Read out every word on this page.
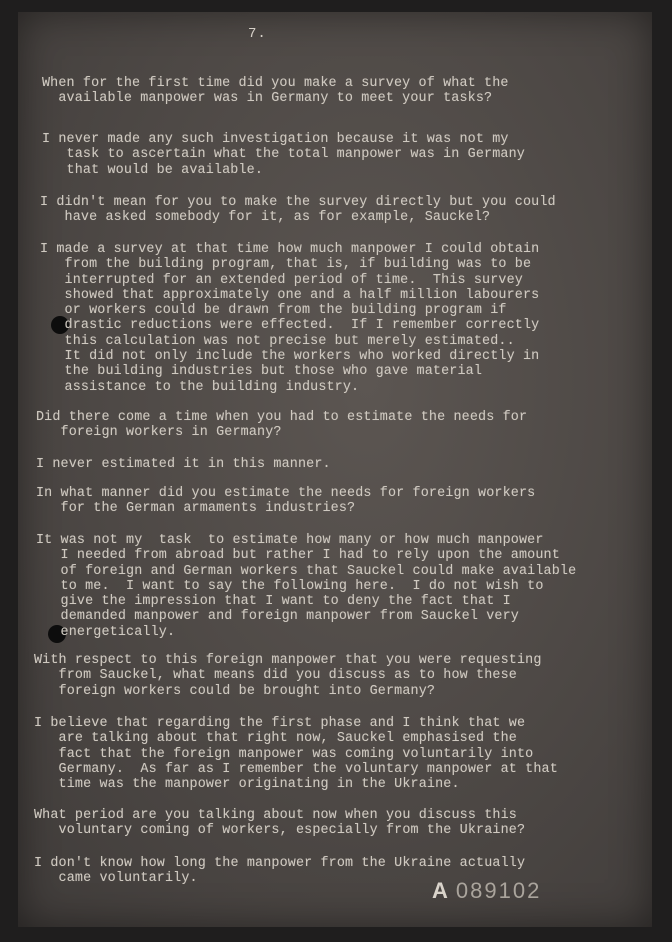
7.

When for the first time did you make a survey of what the
available manpower was in Germany to meet your tasks?

I never made any such investigation because it was not my
task to ascertain what the total manpower was in Germany
that would be available.

I didn't mean for you to make the survey directly but you could
have asked somebody for it, as for example, Sauckel?

I made a survey at that time how much manpower I could obtain
from the building program, that is, if building was to be
interrupted for an extended period of time.  This survey
showed that approximately one and a half million labourers
or workers could be drawn from the building program if
drastic reductions were effected.  If I remember correctly
this calculation was not precise but merely estimated..
It did not only include the workers who worked directly in
the building industries but those who gave material
assistance to the building industry.

Did there come a time when you had to estimate the needs for
foreign workers in Germany?

I never estimated it in this manner.

In what manner did you estimate the needs for foreign workers
for the German armaments industries?

It was not my  task  to estimate how many or how much manpower
I needed from abroad but rather I had to rely upon the amount
of foreign and German workers that Sauckel could make available
to me.  I want to say the following here.  I do not wish to
give the impression that I want to deny the fact that I
demanded manpower and foreign manpower from Sauckel very
energetically.

With respect to this foreign manpower that you were requesting
from Sauckel, what means did you discuss as to how these
foreign workers could be brought into Germany?

I believe that regarding the first phase and I think that we
are talking about that right now, Sauckel emphasised the
fact that the foreign manpower was coming voluntarily into
Germany.  As far as I remember the voluntary manpower at that
time was the manpower originating in the Ukraine.

What period are you talking about now when you discuss this
voluntary coming of workers, especially from the Ukraine?

I don't know how long the manpower from the Ukraine actually
came voluntarily.	A 089102
